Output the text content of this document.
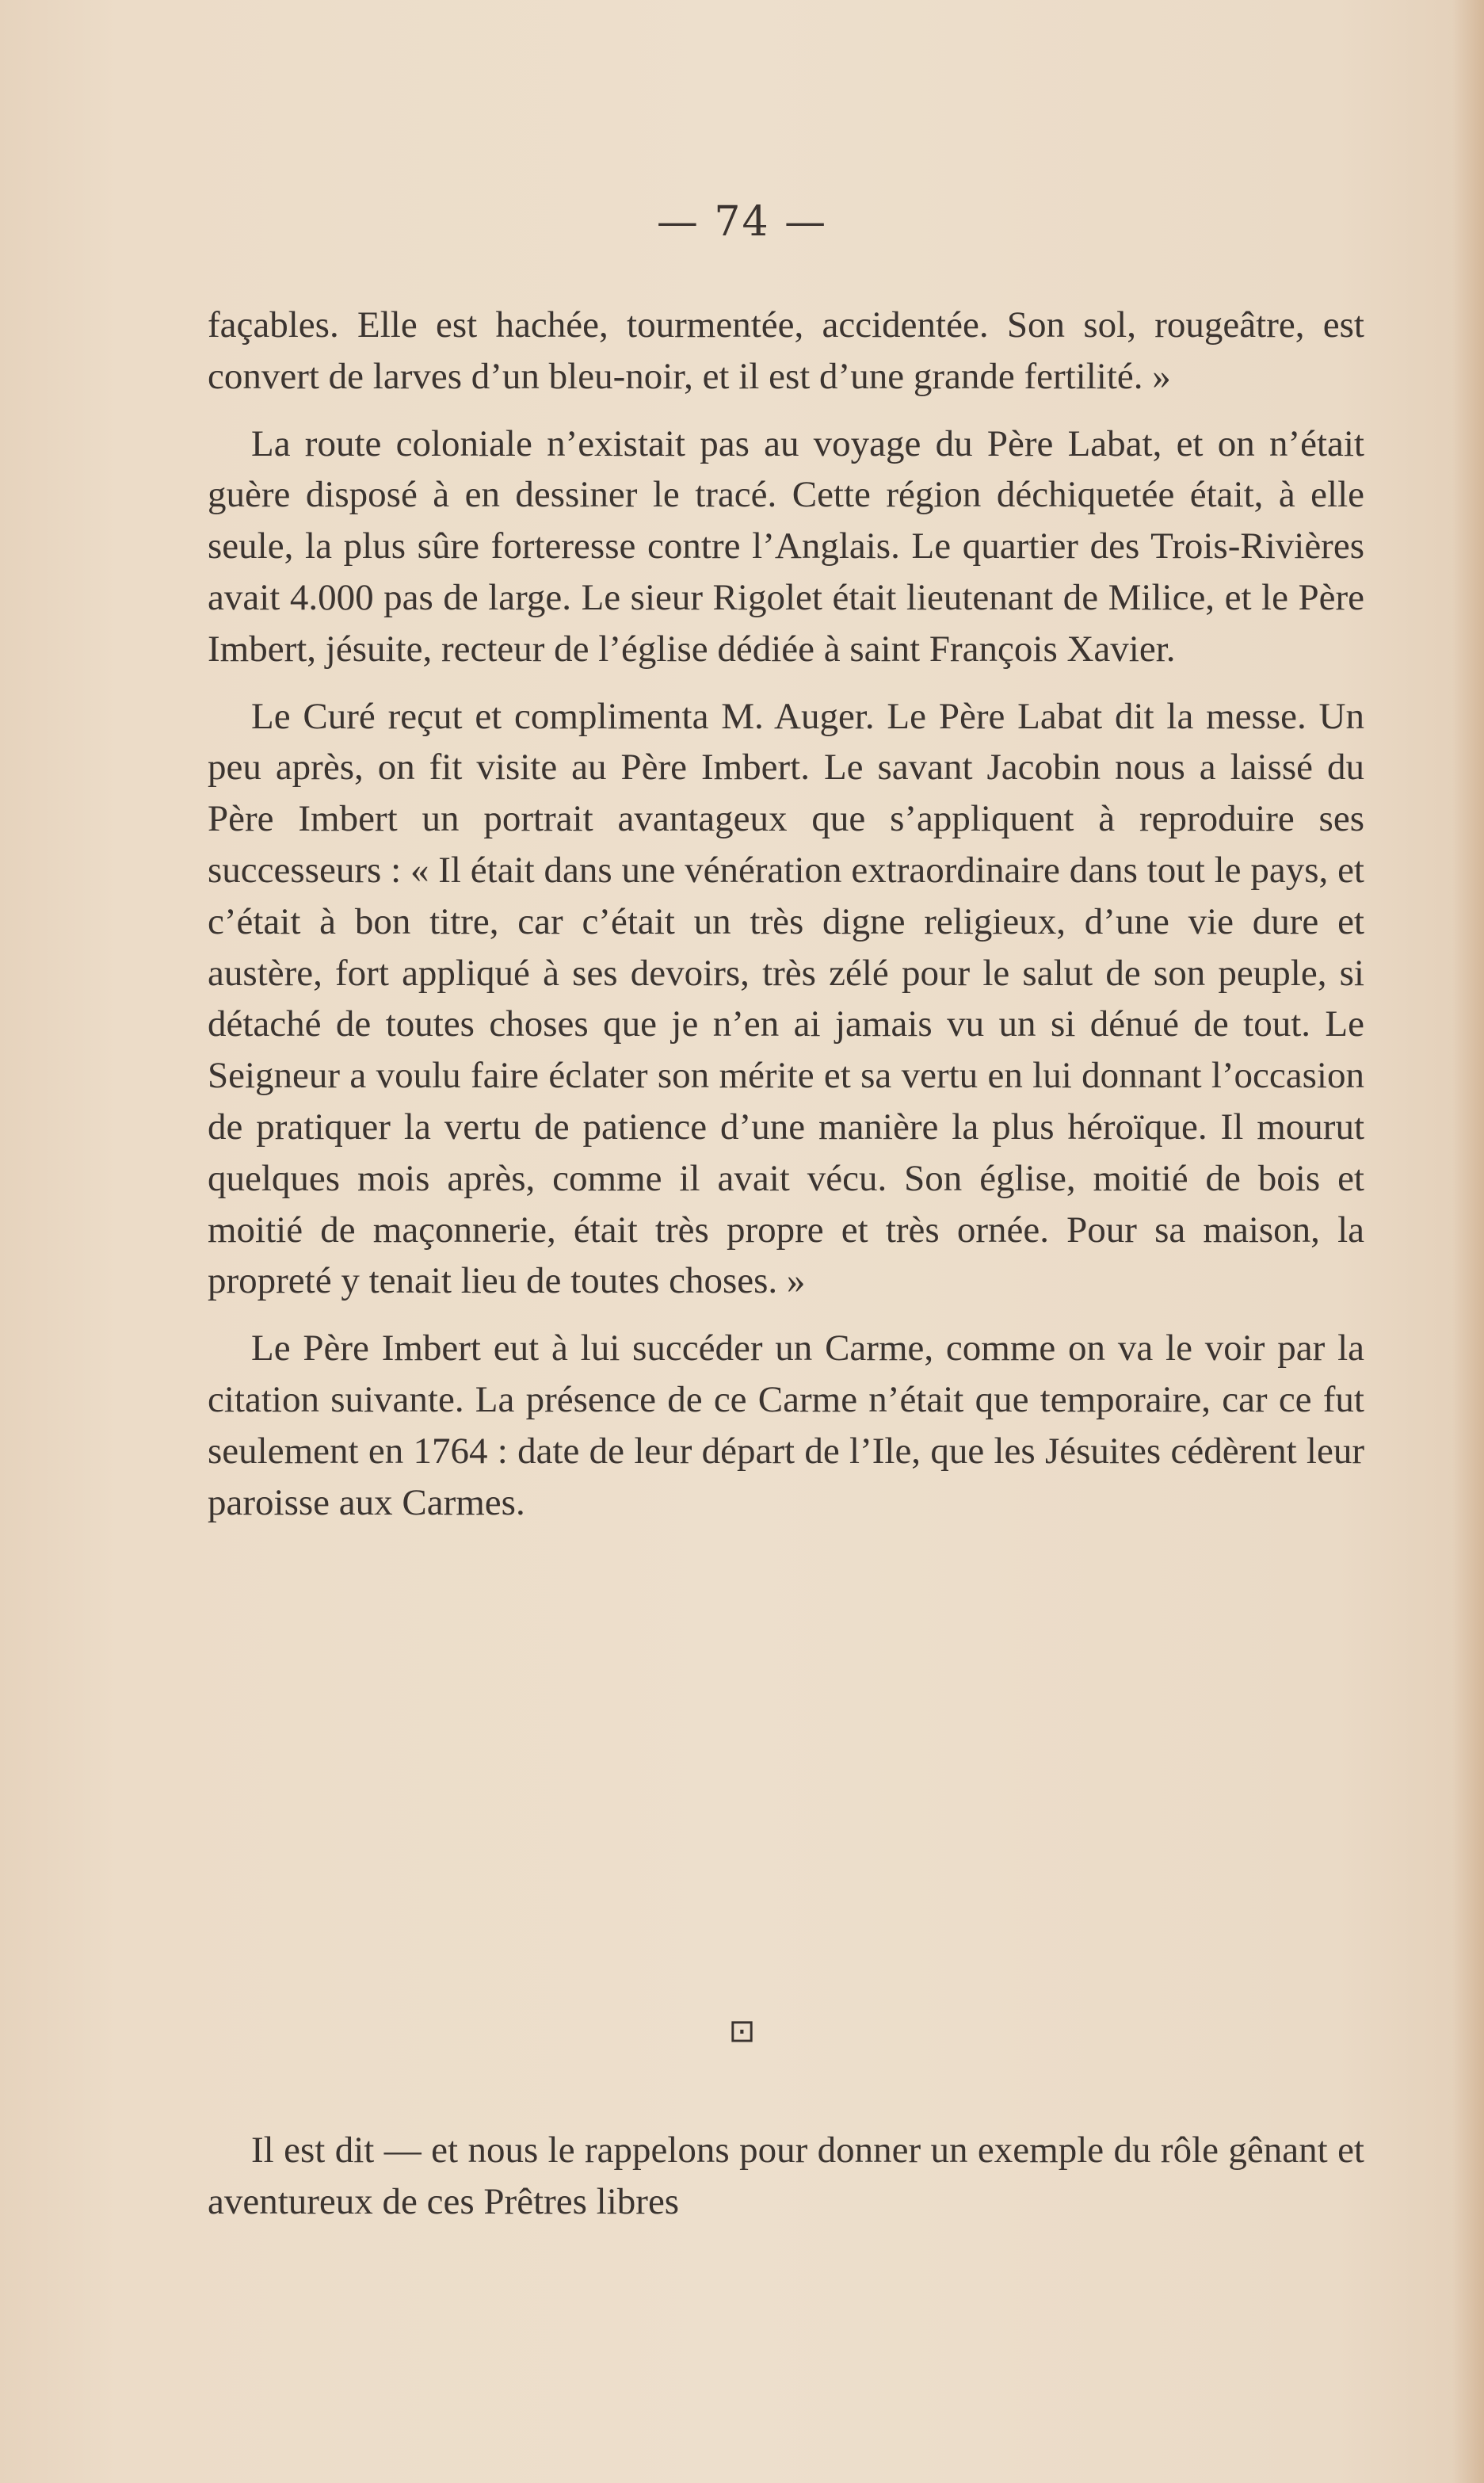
— 74 —

façables. Elle est hachée, tourmentée, accidentée. Son sol, rougeâtre, est convert de larves d’un bleu-noir, et il est d’une grande fertilité. »

La route coloniale n’existait pas au voyage du Père Labat, et on n’était guère disposé à en dessiner le tracé. Cette région déchiquetée était, à elle seule, la plus sûre forteresse contre l’Anglais. Le quartier des Trois-Rivières avait 4.000 pas de large. Le sieur Rigolet était lieutenant de Milice, et le Père Imbert, jésuite, recteur de l’église dédiée à saint François Xavier.

Le Curé reçut et complimenta M. Auger. Le Père Labat dit la messe. Un peu après, on fit visite au Père Imbert. Le savant Jacobin nous a laissé du Père Imbert un portrait avantageux que s’appliquent à reproduire ses successeurs : « Il était dans une vénération extraordinaire dans tout le pays, et c’était à bon titre, car c’était un très digne religieux, d’une vie dure et austère, fort appliqué à ses devoirs, très zélé pour le salut de son peuple, si détaché de toutes choses que je n’en ai jamais vu un si dénué de tout. Le Seigneur a voulu faire éclater son mérite et sa vertu en lui donnant l’occasion de pratiquer la vertu de patience d’une manière la plus héroïque. Il mourut quelques mois après, comme il avait vécu. Son église, moitié de bois et moitié de maçonnerie, était très propre et très ornée. Pour sa maison, la propreté y tenait lieu de toutes choses. »

Le Père Imbert eut à lui succéder un Carme, comme on va le voir par la citation suivante. La présence de ce Carme n’était que temporaire, car ce fut seulement en 1764 : date de leur départ de l’Ile, que les Jésuites cédèrent leur paroisse aux Carmes.

⊡

Il est dit — et nous le rappelons pour donner un exemple du rôle gênant et aventureux de ces Prêtres libres
